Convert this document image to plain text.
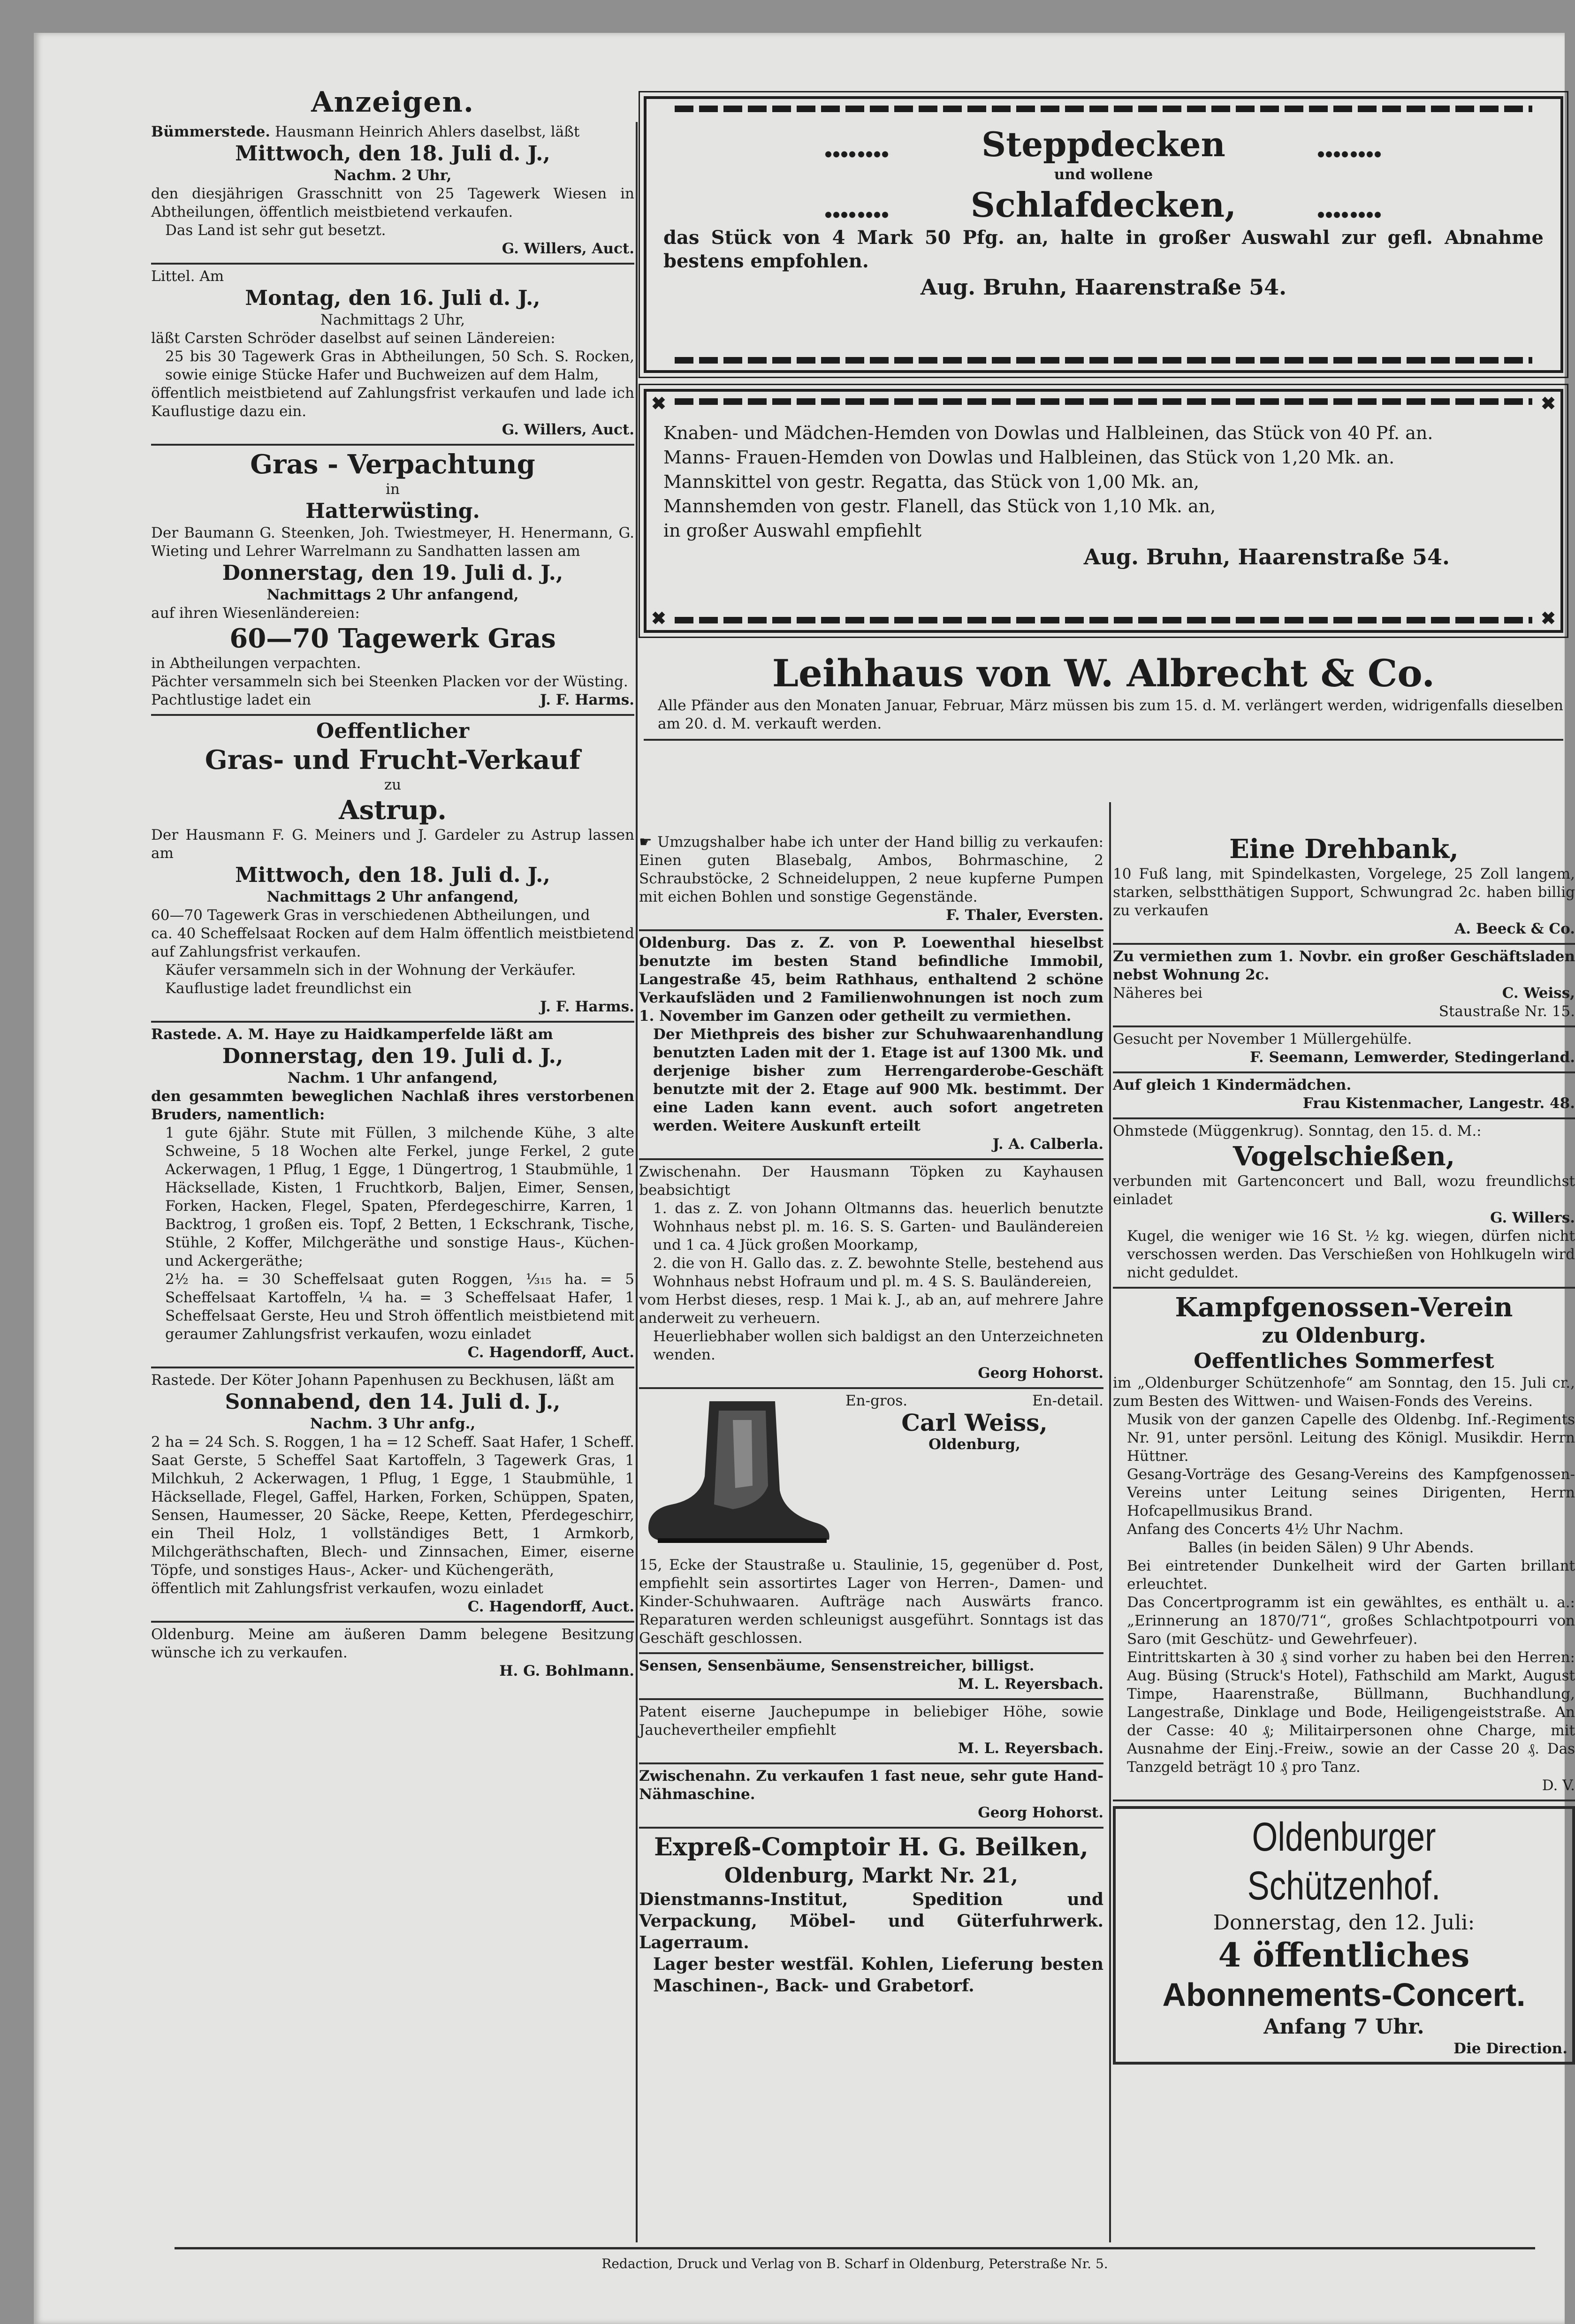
Anzeigen.

Bümmerstede. Hausmann Heinrich Ahlers daselbst, läßt

Mittwoch, den 18. Juli d. J.,

Nachm. 2 Uhr,

den diesjährigen Grasschnitt von 25 Tagewerk Wiesen in Abtheilungen, öffentlich meistbietend verkaufen.

Das Land ist sehr gut besetzt.

G. Willers, Auct.

Littel. Am

Montag, den 16. Juli d. J.,

Nachmittags 2 Uhr,

läßt Carsten Schröder daselbst auf seinen Ländereien:

25 bis 30 Tagewerk Gras in Abtheilungen, 50 Sch. S. Rocken, sowie einige Stücke Hafer und Buchweizen auf dem Halm,

öffentlich meistbietend auf Zahlungsfrist verkaufen und lade ich Kauflustige dazu ein.

G. Willers, Auct.

Gras - Verpachtung

in

Hatterwüsting.

Der Baumann G. Steenken, Joh. Twiestmeyer, H. Henermann, G. Wieting und Lehrer Warrelmann zu Sandhatten lassen am

Donnerstag, den 19. Juli d. J.,

Nachmittags 2 Uhr anfangend,

auf ihren Wiesenländereien:

60—70 Tagewerk Gras

in Abtheilungen verpachten.

Pächter versammeln sich bei Steenken Placken vor der Wüsting.

Pachtlustige ladet ein	J. F. Harms.

Oeffentlicher

Gras- und Frucht-Verkauf

zu

Astrup.

Der Hausmann F. G. Meiners und J. Gardeler zu Astrup lassen am

Mittwoch, den 18. Juli d. J.,

Nachmittags 2 Uhr anfangend,

60—70 Tagewerk Gras in verschiedenen Abtheilungen, und

ca. 40 Scheffelsaat Rocken auf dem Halm öffentlich meistbietend auf Zahlungsfrist verkaufen.

Käufer versammeln sich in der Wohnung der Verkäufer.

Kauflustige ladet freundlichst ein

J. F. Harms.

Rastede. A. M. Haye zu Haidkamperfelde läßt am

Donnerstag, den 19. Juli d. J.,

Nachm. 1 Uhr anfangend,

den gesammten beweglichen Nachlaß ihres verstorbenen Bruders, namentlich:

1 gute 6jähr. Stute mit Füllen, 3 milchende Kühe, 3 alte Schweine, 5 18 Wochen alte Ferkel, junge Ferkel, 2 gute Ackerwagen, 1 Pflug, 1 Egge, 1 Düngertrog, 1 Staubmühle, 1 Häcksellade, Kisten, 1 Fruchtkorb, Baljen, Eimer, Sensen, Forken, Hacken, Flegel, Spaten, Pferdegeschirre, Karren, 1 Backtrog, 1 großen eis. Topf, 2 Betten, 1 Eckschrank, Tische, Stühle, 2 Koffer, Milchgeräthe und sonstige Haus-, Küchen- und Ackergeräthe;

2½ ha. = 30 Scheffelsaat guten Roggen, ⅓₁₅ ha. = 5 Scheffelsaat Kartoffeln, ¼ ha. = 3 Scheffelsaat Hafer, 1 Scheffelsaat Gerste, Heu und Stroh öffentlich meistbietend mit geraumer Zahlungsfrist verkaufen, wozu einladet

C. Hagendorff, Auct.

Rastede. Der Köter Johann Papenhusen zu Beckhusen, läßt am

Sonnabend, den 14. Juli d. J.,

Nachm. 3 Uhr anfg.,

2 ha = 24 Sch. S. Roggen, 1 ha = 12 Scheff. Saat Hafer, 1 Scheff. Saat Gerste, 5 Scheffel Saat Kartoffeln, 3 Tagewerk Gras, 1 Milchkuh, 2 Ackerwagen, 1 Pflug, 1 Egge, 1 Staubmühle, 1 Häcksellade, Flegel, Gaffel, Harken, Forken, Schüppen, Spaten, Sensen, Haumesser, 20 Säcke, Reepe, Ketten, Pferdegeschirr, ein Theil Holz, 1 vollständiges Bett, 1 Armkorb, Milchgeräthschaften, Blech- und Zinnsachen, Eimer, eiserne Töpfe, und sonstiges Haus-, Acker- und Küchengeräth,

öffentlich mit Zahlungsfrist verkaufen, wozu einladet

C. Hagendorff, Auct.

Oldenburg. Meine am äußeren Damm belegene Besitzung wünsche ich zu verkaufen.

H. G. Bohlmann.

Steppdecken

und wollene

Schlafdecken,

das Stück von 4 Mark 50 Pfg. an, halte in großer Auswahl zur gefl. Abnahme bestens empfohlen.

Aug. Bruhn, Haarenstraße 54.

✖	✖
✖	✖

Knaben- und Mädchen-Hemden von Dowlas und Halbleinen, das Stück von 40 Pf. an.

Manns- Frauen-Hemden von Dowlas und Halbleinen, das Stück von 1,20 Mk. an.

Mannskittel von gestr. Regatta, das Stück von 1,00 Mk. an,

Mannshemden von gestr. Flanell, das Stück von 1,10 Mk. an,

in großer Auswahl empfiehlt

Aug. Bruhn, Haarenstraße 54.

Leihhaus von W. Albrecht & Co.

Alle Pfänder aus den Monaten Januar, Februar, März müssen bis zum 15. d. M. verlängert werden, widrigenfalls dieselben am 20. d. M. verkauft werden.

☛ Umzugshalber habe ich unter der Hand billig zu verkaufen: Einen guten Blasebalg, Ambos, Bohrmaschine, 2 Schraubstöcke, 2 Schneideluppen, 2 neue kupferne Pumpen mit eichen Bohlen und sonstige Gegenstände.

F. Thaler, Eversten.

Oldenburg. Das z. Z. von P. Loewenthal hieselbst benutzte im besten Stand befindliche Immobil, Langestraße 45, beim Rathhaus, enthaltend 2 schöne Verkaufsläden und 2 Familienwohnungen ist noch zum 1. November im Ganzen oder getheilt zu vermiethen.

Der Miethpreis des bisher zur Schuhwaarenhandlung benutzten Laden mit der 1. Etage ist auf 1300 Mk. und derjenige bisher zum Herrengarderobe-Geschäft benutzte mit der 2. Etage auf 900 Mk. bestimmt. Der eine Laden kann event. auch sofort angetreten werden. Weitere Auskunft erteilt

J. A. Calberla.

Zwischenahn. Der Hausmann Töpken zu Kayhausen beabsichtigt

1. das z. Z. von Johann Oltmanns das. heuerlich benutzte Wohnhaus nebst pl. m. 16. S. S. Garten- und Bauländereien und 1 ca. 4 Jück großen Moorkamp,

2. die von H. Gallo das. z. Z. bewohnte Stelle, bestehend aus Wohnhaus nebst Hofraum und pl. m. 4 S. S. Bauländereien,

vom Herbst dieses, resp. 1 Mai k. J., ab an, auf mehrere Jahre anderweit zu verheuern.

Heuerliebhaber wollen sich baldigst an den Unterzeichneten wenden.

Georg Hohorst.

En-gros.	En-detail.

Carl Weiss,

Oldenburg,

15, Ecke der Staustraße u. Staulinie, 15, gegenüber d. Post, empfiehlt sein assortirtes Lager von Herren-, Damen- und Kinder-Schuhwaaren. Aufträge nach Auswärts franco. Reparaturen werden schleunigst ausgeführt. Sonntags ist das Geschäft geschlossen.

Sensen, Sensenbäume, Sensenstreicher, billigst.

M. L. Reyersbach.

Patent eiserne Jauchepumpe in beliebiger Höhe, sowie Jauchevertheiler empfiehlt

M. L. Reyersbach.

Zwischenahn. Zu verkaufen 1 fast neue, sehr gute Hand-Nähmaschine.

Georg Hohorst.

Expreß-Comptoir H. G. Beilken,

Oldenburg, Markt Nr. 21,

Dienstmanns-Institut, Spedition und Verpackung, Möbel- und Güterfuhrwerk. Lagerraum.

Lager bester westfäl. Kohlen, Lieferung besten Maschinen-, Back- und Grabetorf.

Eine Drehbank,

10 Fuß lang, mit Spindelkasten, Vorgelege, 25 Zoll langem, starken, selbstthätigen Support, Schwungrad 2c. haben billig zu verkaufen

A. Beeck & Co.

Zu vermiethen zum 1. Novbr. ein großer Geschäftsladen nebst Wohnung 2c.

Näheres bei	C. Weiss,

Staustraße Nr. 15.

Gesucht per November 1 Müllergehülfe.

F. Seemann, Lemwerder, Stedingerland.

Auf gleich 1 Kindermädchen.

Frau Kistenmacher, Langestr. 48.

Ohmstede (Müggenkrug). Sonntag, den 15. d. M.:

Vogelschießen,

verbunden mit Gartenconcert und Ball, wozu freundlichst einladet

G. Willers.

Kugel, die weniger wie 16 St. ½ kg. wiegen, dürfen nicht verschossen werden. Das Verschießen von Hohlkugeln wird nicht geduldet.

Kampfgenossen-Verein

zu Oldenburg.

Oeffentliches Sommerfest

im „Oldenburger Schützenhofe“ am Sonntag, den 15. Juli cr., zum Besten des Wittwen- und Waisen-Fonds des Vereins.

Musik von der ganzen Capelle des Oldenbg. Inf.-Regiments Nr. 91, unter persönl. Leitung des Königl. Musikdir. Herrn Hüttner.

Gesang-Vorträge des Gesang-Vereins des Kampfgenossen-Vereins unter Leitung seines Dirigenten, Herrn Hofcapellmusikus Brand.

Anfang des Concerts 4½ Uhr Nachm.

Balles (in beiden Sälen) 9 Uhr Abends.

Bei eintretender Dunkelheit wird der Garten brillant erleuchtet.

Das Concertprogramm ist ein gewähltes, es enthält u. a.: „Erinnerung an 1870/71“, großes Schlachtpotpourri von Saro (mit Geschütz- und Gewehrfeuer).

Eintrittskarten à 30 ₰ sind vorher zu haben bei den Herren: Aug. Büsing (Struck's Hotel), Fathschild am Markt, August Timpe, Haarenstraße, Büllmann, Buchhandlung, Langestraße, Dinklage und Bode, Heiligengeiststraße. An der Casse: 40 ₰; Militairpersonen ohne Charge, mit Ausnahme der Einj.-Freiw., sowie an der Casse 20 ₰. Das Tanzgeld beträgt 10 ₰ pro Tanz.

D. V.

Oldenburger Schützenhof.

Donnerstag, den 12. Juli:

4 öffentliches

Abonnements-Concert.

Anfang 7 Uhr.

Die Direction.

Redaction, Druck und Verlag von B. Scharf in Oldenburg, Peterstraße Nr. 5.
